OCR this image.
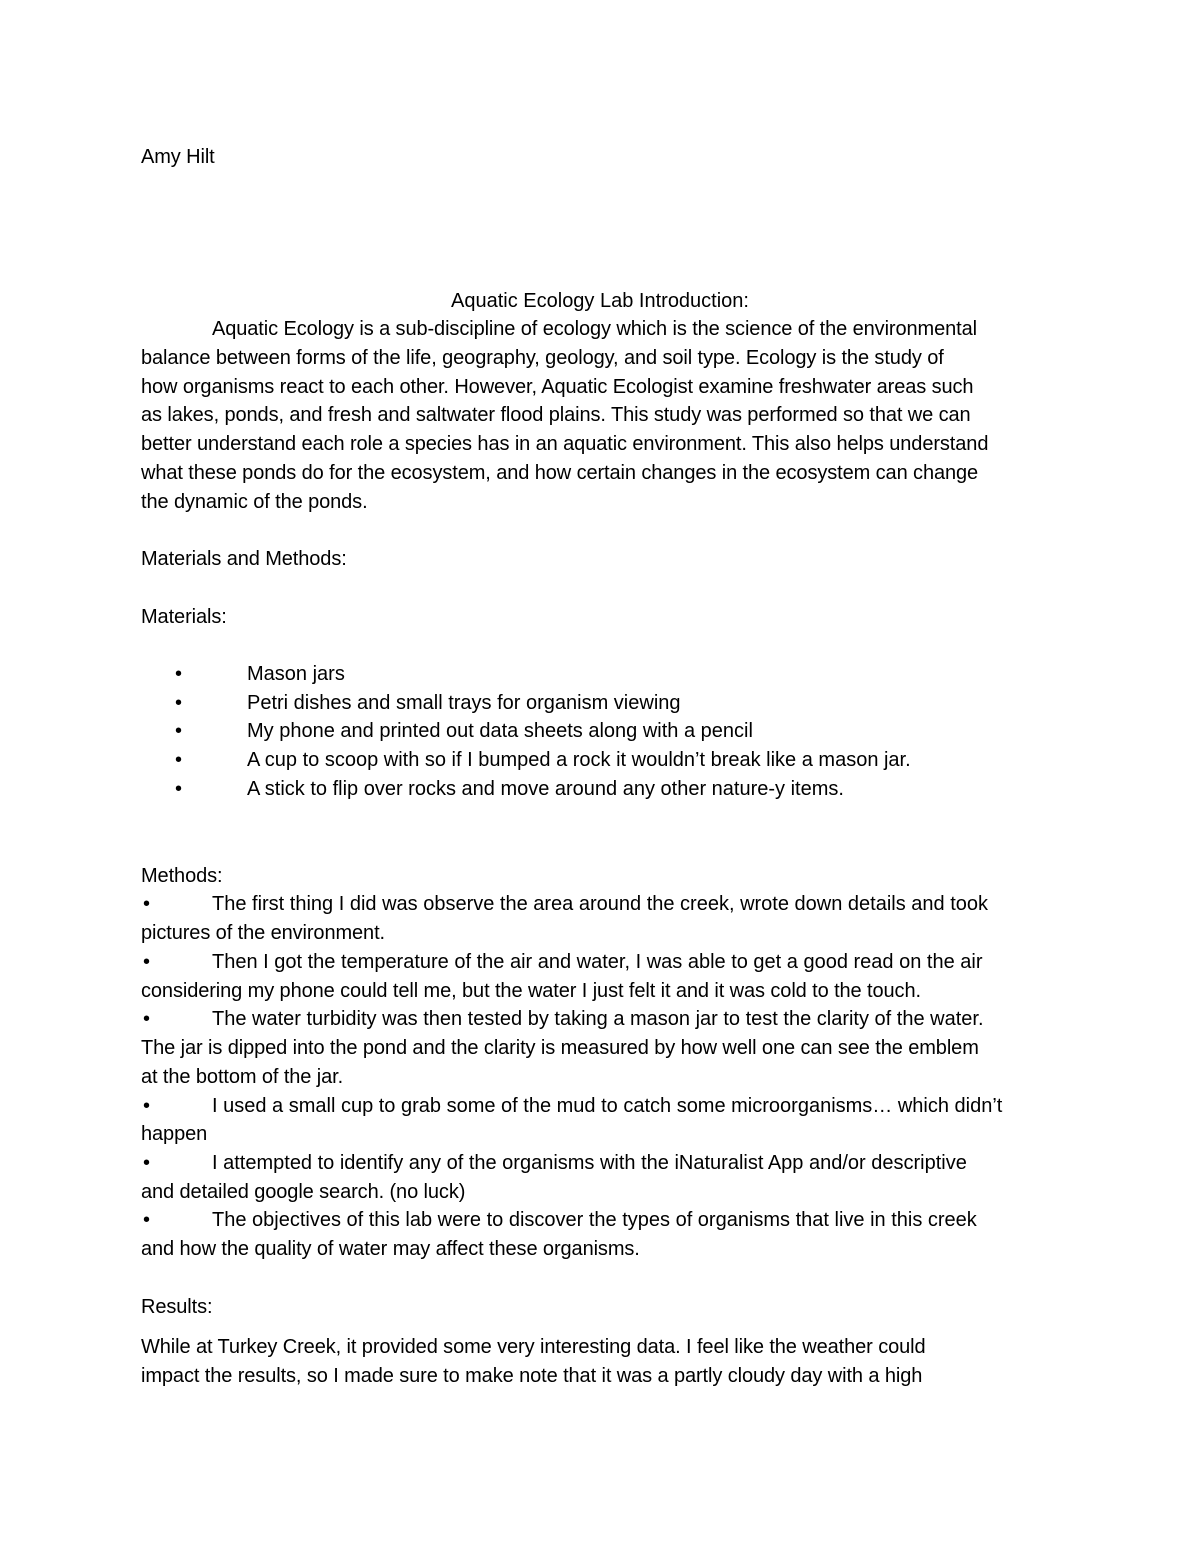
Amy Hilt
Aquatic Ecology Lab Introduction:
Aquatic Ecology is a sub-discipline of ecology which is the science of the environmental
balance between forms of the life, geography, geology, and soil type. Ecology is the study of
how organisms react to each other. However, Aquatic Ecologist examine freshwater areas such
as lakes, ponds, and fresh and saltwater flood plains. This study was performed so that we can
better understand each role a species has in an aquatic environment. This also helps understand
what these ponds do for the ecosystem, and how certain changes in the ecosystem can change
the dynamic of the ponds.
Materials and Methods:
Materials:
•	Mason jars
•	Petri dishes and small trays for organism viewing
•	My phone and printed out data sheets along with a pencil
•	A cup to scoop with so if I bumped a rock it wouldn’t break like a mason jar.
•	A stick to flip over rocks and move around any other nature-y items.
Methods:
•	The first thing I did was observe the area around the creek, wrote down details and took
pictures of the environment.
•	Then I got the temperature of the air and water, I was able to get a good read on the air
considering my phone could tell me, but the water I just felt it and it was cold to the touch.
•	The water turbidity was then tested by taking a mason jar to test the clarity of the water.
The jar is dipped into the pond and the clarity is measured by how well one can see the emblem
at the bottom of the jar.
•	I used a small cup to grab some of the mud to catch some microorganisms… which didn’t
happen
•	I attempted to identify any of the organisms with the iNaturalist App and/or descriptive
and detailed google search. (no luck)
•	The objectives of this lab were to discover the types of organisms that live in this creek
and how the quality of water may affect these organisms.
Results:
While at Turkey Creek, it provided some very interesting data. I feel like the weather could
impact the results, so I made sure to make note that it was a partly cloudy day with a high
